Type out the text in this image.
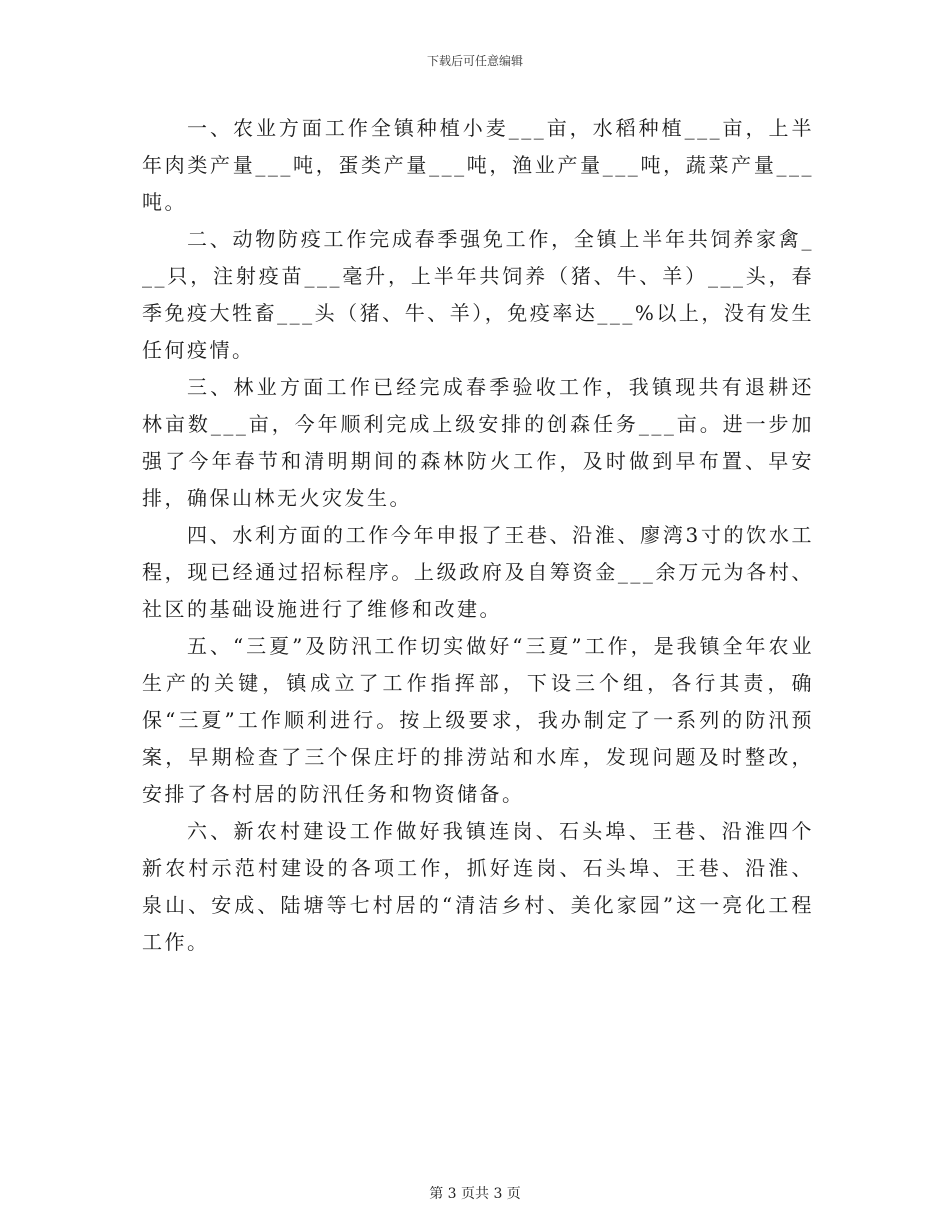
下载后可任意编辑

一、农业方面工作全镇种植小麦___亩，水稻种植___亩，上半年肉类产量___吨，蛋类产量___吨，渔业产量___吨，蔬菜产量___吨。

二、动物防疫工作完成春季强免工作，全镇上半年共饲养家禽___只，注射疫苗___毫升，上半年共饲养（猪、牛、羊）___头，春季免疫大牲畜___头（猪、牛、羊），免疫率达___%以上，没有发生任何疫情。

三、林业方面工作已经完成春季验收工作，我镇现共有退耕还林亩数___亩，今年顺利完成上级安排的创森任务___亩。进一步加强了今年春节和清明期间的森林防火工作，及时做到早布置、早安排，确保山林无火灾发生。

四、水利方面的工作今年申报了王巷、沿淮、廖湾3寸的饮水工程，现已经通过招标程序。上级政府及自筹资金___余万元为各村、社区的基础设施进行了维修和改建。

五、“三夏”及防汛工作切实做好“三夏”工作，是我镇全年农业生产的关键，镇成立了工作指挥部，下设三个组，各行其责，确保“三夏”工作顺利进行。按上级要求，我办制定了一系列的防汛预案，早期检查了三个保庄圩的排涝站和水库，发现问题及时整改，安排了各村居的防汛任务和物资储备。

六、新农村建设工作做好我镇连岗、石头埠、王巷、沿淮四个新农村示范村建设的各项工作，抓好连岗、石头埠、王巷、沿淮、泉山、安成、陆塘等七村居的“清洁乡村、美化家园”这一亮化工程工作。

第 3 页共 3 页
